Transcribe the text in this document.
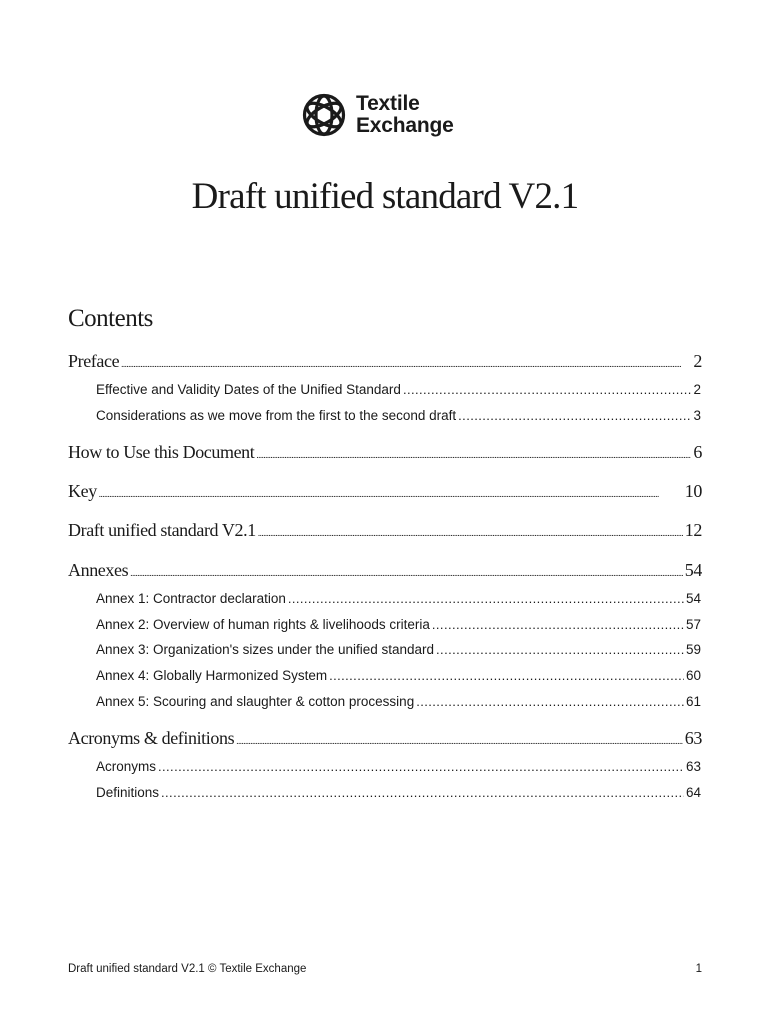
Textile
Exchange
Draft unified standard V2.1
Contents
Preface .....	2
Effective and Validity Dates of the Unified Standard .....	2
Considerations as we move from the first to the second draft .....	3
How to Use this Document .....	6
Key .....	10
Draft unified standard V2.1 .....	12
Annexes .....	54
Annex 1: Contractor declaration .....	54
Annex 2: Overview of human rights & livelihoods criteria .....	57
Annex 3: Organization's sizes under the unified standard .....	59
Annex 4: Globally Harmonized System .....	60
Annex 5: Scouring and slaughter & cotton processing .....	61
Acronyms & definitions .....	63
Acronyms .....	63
Definitions .....	64
Draft unified standard V2.1 © Textile Exchange	1
